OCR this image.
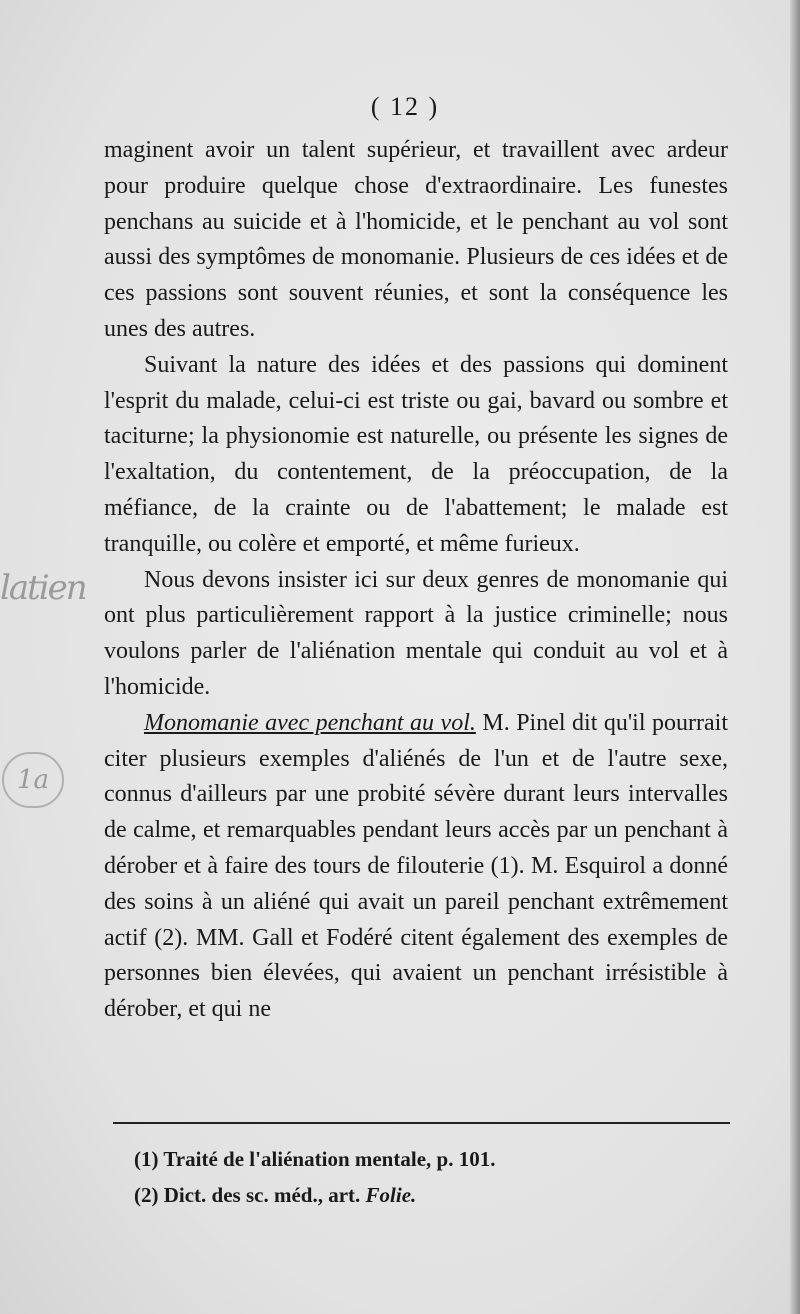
( 12 )

maginent avoir un talent supérieur, et travaillent avec ardeur pour produire quelque chose d'extraordinaire. Les funestes penchans au suicide et à l'homicide, et le penchant au vol sont aussi des symptômes de monomanie. Plusieurs de ces idées et de ces passions sont souvent réunies, et sont la conséquence les unes des autres.

Suivant la nature des idées et des passions qui dominent l'esprit du malade, celui-ci est triste ou gai, bavard ou sombre et taciturne; la physionomie est naturelle, ou présente les signes de l'exaltation, du contentement, de la préoccupation, de la méfiance, de la crainte ou de l'abattement; le malade est tranquille, ou colère et emporté, et même furieux.

Nous devons insister ici sur deux genres de monomanie qui ont plus particulièrement rapport à la justice criminelle; nous voulons parler de l'aliénation mentale qui conduit au vol et à l'homicide.

Monomanie avec penchant au vol. M. Pinel dit qu'il pourrait citer plusieurs exemples d'aliénés de l'un et de l'autre sexe, connus d'ailleurs par une probité sévère durant leurs intervalles de calme, et remarquables pendant leurs accès par un penchant à dérober et à faire des tours de filouterie (1). M. Esquirol a donné des soins à un aliéné qui avait un pareil penchant extrêmement actif (2). MM. Gall et Fodéré citent également des exemples de personnes bien élevées, qui avaient un penchant irrésistible à dérober, et qui ne

(1) Traité de l'aliénation mentale, p. 101.

(2) Dict. des sc. méd., art. Folie.

latien
1a
